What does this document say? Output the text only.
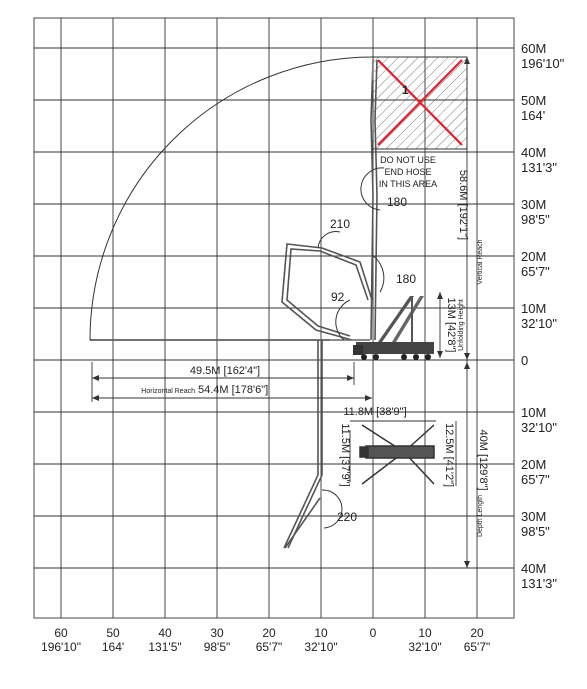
1
DO NOT USE
END HOSE
IN THIS AREA
180
210
180
92
220
49.5M [162'4"]
Horizontal Reach 54.4M [178'6"]
58.6M [192'1"]
Vertical Reach
13M [42'8"] Unfolding Height
11.8M [38'9"]
11.5M [37'9"]	12.5M [41'2"] 40M [129'8"]
Depth Length
60M
196'10"
50M
164'
40M
131'3"
30M
98'5"
20M
65'7"
10M
32'10"
0
10M
32'10"
20M
65'7"
30M
98'5"
40M
131'3"
60
196'10"
50
164'
40
131'5"
30
98'5"
20
65'7"
10
32'10"
0	10
32'10"
20
65'7"
